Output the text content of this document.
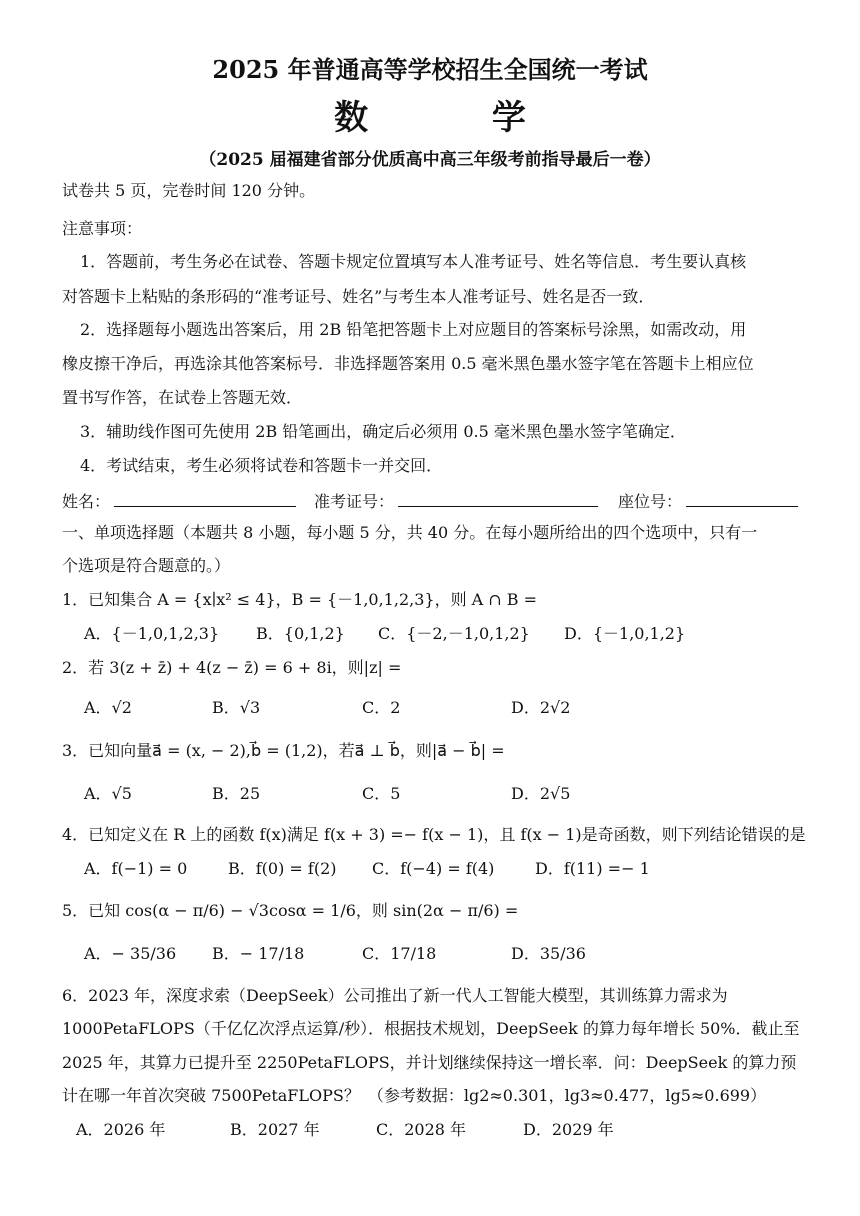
2025 年普通高等学校招生全国统一考试
数 学
（2025 届福建省部分优质高中高三年级考前指导最后一卷）
试卷共 5 页，完卷时间 120 分钟。
注意事项：
1．答题前，考生务必在试卷、答题卡规定位置填写本人准考证号、姓名等信息．考生要认真核
对答题卡上粘贴的条形码的“准考证号、姓名”与考生本人准考证号、姓名是否一致．
2．选择题每小题选出答案后，用 2B 铅笔把答题卡上对应题目的答案标号涂黑，如需改动，用
橡皮擦干净后，再选涂其他答案标号．非选择题答案用 0.5 毫米黑色墨水签字笔在答题卡上相应位
置书写作答，在试卷上答题无效．
3．辅助线作图可先使用 2B 铅笔画出，确定后必须用 0.5 毫米黑色墨水签字笔确定．
4．考试结束，考生必须将试卷和答题卡一并交回．
姓名：	准考证号：	座位号：
一、单项选择题（本题共 8 小题，每小题 5 分，共 40 分。在每小题所给出的四个选项中，只有一
个选项是符合题意的。）
1．已知集合 A = {x∣x² ≤ 4}，B = {－1,0,1,2,3}，则 A ∩ B =
A．{－1,0,1,2,3} B．{0,1,2} C．{－2,－1,0,1,2} D．{－1,0,1,2}
2．若 3(z + z̄) + 4(z − z̄) = 6 + 8i，则|z| =
A．√2	B．√3	C．2	D．2√2
3．已知向量a⃗ = (x, − 2),b⃗ = (1,2)，若a⃗ ⊥ b⃗，则|a⃗ − b⃗| =
A．√5	B．25	C．5	D．2√5
4．已知定义在 R 上的函数 f(x)满足 f(x + 3) =− f(x − 1)，且 f(x − 1)是奇函数，则下列结论错误的是
A．f(−1) = 0	B．f(0) = f(2) C．f(−4) = f(4)	D．f(11) =− 1
5．已知 cos(α − π/6) − √3cosα = 1/6，则 sin(2α − π/6) =
A．− 35/36 B．− 17/18	C．17/18	D．35/36
6．2023 年，深度求索（DeepSeek）公司推出了新一代人工智能大模型，其训练算力需求为
1000PetaFLOPS（千亿亿次浮点运算/秒）．根据技术规划，DeepSeek 的算力每年增长 50%．截止至
2025 年，其算力已提升至 2250PetaFLOPS，并计划继续保持这一增长率．问：DeepSeek 的算力预
计在哪一年首次突破 7500PetaFLOPS？　（参考数据：lg2≈0.301，lg3≈0.477，lg5≈0.699）
A．2026 年	B．2027 年	C．2028 年	D．2029 年
